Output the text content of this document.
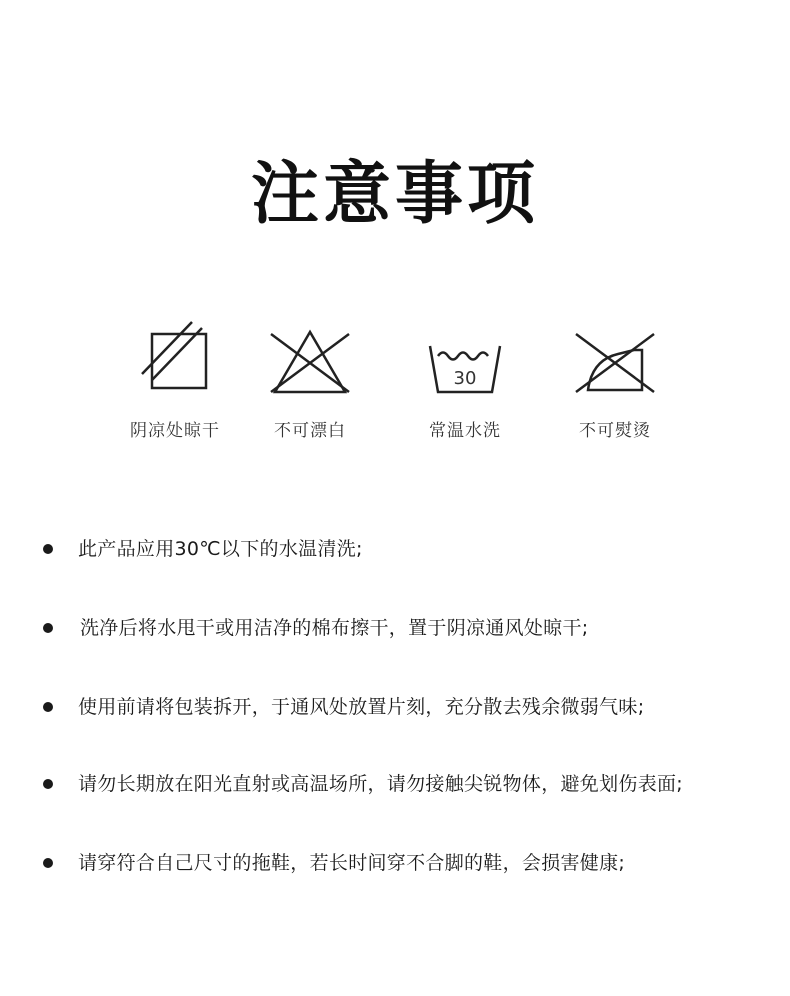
注意事项
阴凉处晾干	不可漂白
30
常温水洗	不可熨烫
此产品应用30℃以下的水温清洗;
洗净后将水甩干或用洁净的棉布擦干，置于阴凉通风处晾干;
使用前请将包装拆开，于通风处放置片刻，充分散去残余微弱气味;
请勿长期放在阳光直射或高温场所，请勿接触尖锐物体，避免划伤表面;
请穿符合自己尺寸的拖鞋，若长时间穿不合脚的鞋，会损害健康;
